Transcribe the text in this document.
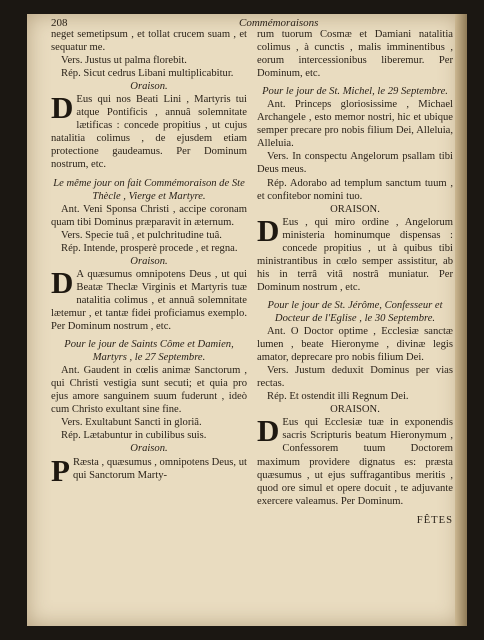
208	Commémoraisons

neget semetipsum , et tollat crucem suam , et sequatur me.

Vers. Justus ut palma florebit.

Rép. Sicut cedrus Libani multiplicabitur.

Oraison.

D Eus qui nos Beati Lini , Martyris tui atque Pontificis , annuâ solemnitate lætificas : concede propitius , ut cujus natalitia colimus , de ejusdem etiam protectione gaudeamus. Per Dominum nostrum, etc.

Le même jour on fait Commémoraison de Ste Thècle , Vierge et Martyre.

Ant. Veni Sponsa Christi , accipe coronam quam tibi Dominus præparavit in æternum.

Vers. Specie tuâ , et pulchritudine tuâ.

Rép. Intende, prosperè procede , et regna.

Oraison.

D A quæsumus omnipotens Deus , ut qui Beatæ Theclæ Virginis et Martyris tuæ natalitia colimus , et annuâ solemnitate lætemur , et tantæ fidei proficiamus exemplo. Per Dominum nostrum , etc.

Pour le jour de Saints Côme et Damien, Martyrs , le 27 Septembre.

Ant. Gaudent in cœlis animæ Sanctorum , qui Christi vestigia sunt secuti; et quia pro ejus amore sanguinem suum fuderunt , ideò cum Christo exultant sine fine.

Vers. Exultabunt Sancti in gloriâ.

Rép. Lætabuntur in cubilibus suis.

Oraison.

P Ræsta , quæsumus , omnipotens Deus, ut qui Sanctorum Marty-

rum tuorum Cosmæ et Damiani natalitia colimus , à cunctis , malis imminentibus , eorum intercessionibus liberemur. Per Dominum, etc.

Pour le jour de St. Michel, le 29 Septembre.

Ant. Princeps gloriosissime , Michael Archangele , esto memor nostri, hic et ubique semper precare pro nobis filium Dei, Alleluia, Alleluia.

Vers. In conspectu Angelorum psallam tibi Deus meus.

Rép. Adorabo ad templum sanctum tuum , et confitebor nomini tuo.

ORAISON.

D Eus , qui miro ordine , Angelorum ministeria hominumque dispensas : concede propitius , ut à quibus tibi ministrantibus in cœlo semper assistitur, ab his in terrâ vitâ nostrâ muniatur. Per Dominum nostrum , etc.

Pour le jour de St. Jérôme, Confesseur et Docteur de l'Eglise , le 30 Septembre.

Ant. O Doctor optime , Ecclesiæ sanctæ lumen , beate Hieronyme , divinæ legis amator, deprecare pro nobis filium Dei.

Vers. Justum deduxit Dominus per vias rectas.

Rép. Et ostendit illi Regnum Dei.

ORAISON.

D Eus qui Ecclesiæ tuæ in exponendis sacris Scripturis beatum Hieronymum , Confessorem tuum Doctorem maximum providere dignatus es: præsta quæsumus , ut ejus suffragantibus meritis , quod ore simul et opere docuit , te adjuvante exercere valeamus. Per Dominum.

FÊTES
